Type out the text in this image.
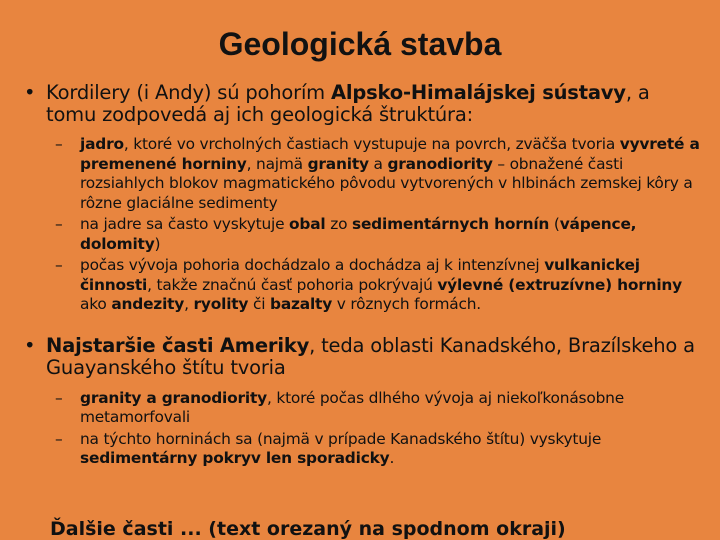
Geologická stavba
• Kordilery (i Andy) sú pohorím Alpsko-Himalájskej sústavy, a tomu zodpovedá aj ich geologická štruktúra:
– jadro, ktoré vo vrcholných častiach vystupuje na povrch, zväčša tvoria vyvreté a premenené horniny, najmä granity a granodiority – obnažené časti rozsiahlych blokov magmatického pôvodu vytvorených v hlbinách zemskej kôry a rôzne glaciálne sedimenty
– na jadre sa často vyskytuje obal zo sedimentárnych hornín (vápence, dolomity)
– počas vývoja pohoria dochádzalo a dochádza aj k intenzívnej vulkanickej činnosti, takže značnú časť pohoria pokrývajú výlevné (extruzívne) horniny ako andezity, ryolity či bazalty v rôznych formách.
• Najstaršie časti Ameriky, teda oblasti Kanadského, Brazílskeho a Guayanského štítu tvoria
– granity a granodiority, ktoré počas dlhého vývoja aj niekoľkonásobne metamorfovali
– na týchto horninách sa (najmä v prípade Kanadského štítu) vyskytuje sedimentárny pokryv len sporadicky.
Ďalšie časti ... (text orezaný na spodnom okraji)
